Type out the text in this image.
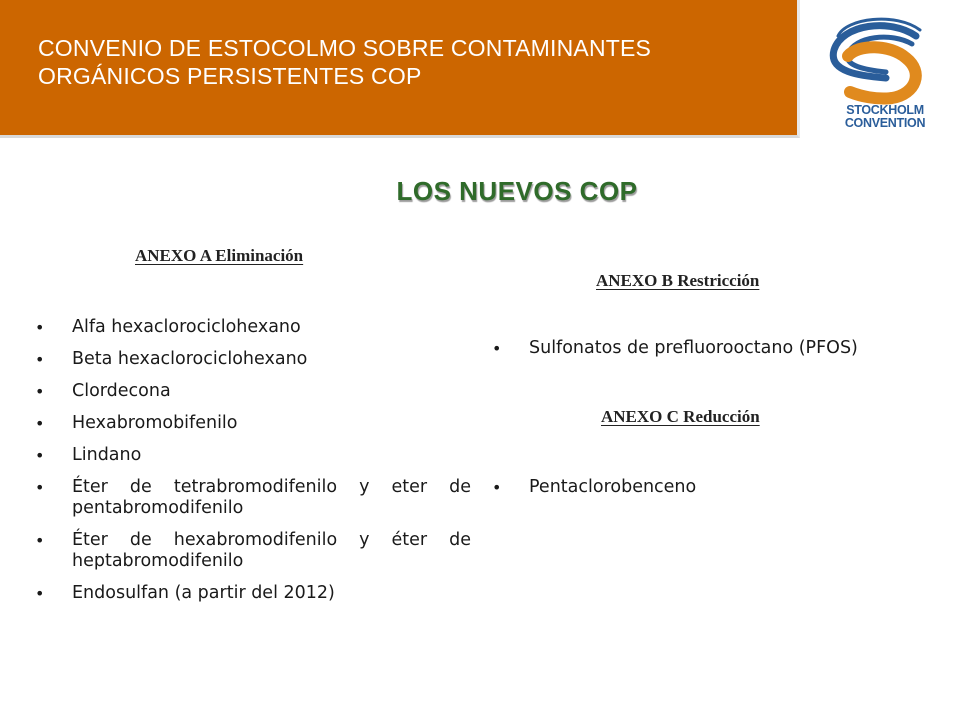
CONVENIO DE ESTOCOLMO SOBRE CONTAMINANTES
ORGÁNICOS PERSISTENTES COP
STOCKHOLM
CONVENTION
LOS NUEVOS COP
ANEXO A Eliminación
• Alfa hexaclorociclohexano
• Beta hexaclorociclohexano
• Clordecona
• Hexabromobifenilo
• Lindano
• Éter de tetrabromodifenilo y eter de pentabromodifenilo
• Éter de hexabromodifenilo y éter de heptabromodifenilo
• Endosulfan (a partir del 2012)
ANEXO B Restricción
• Sulfonatos de prefluorooctano (PFOS)
ANEXO C Reducción
• Pentaclorobenceno
